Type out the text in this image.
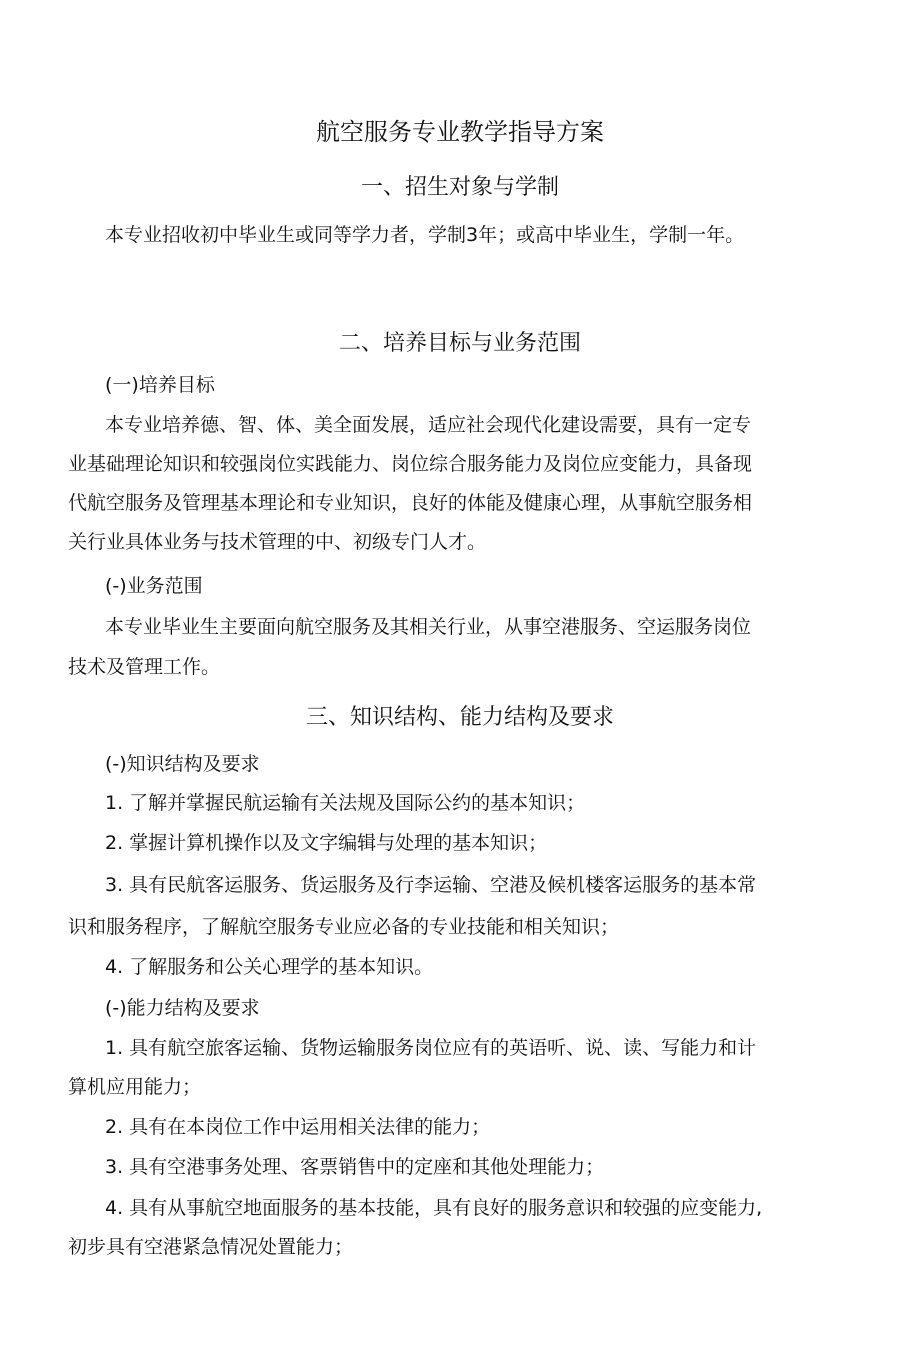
航空服务专业教学指导方案
一、招生对象与学制
本专业招收初中毕业生或同等学力者，学制3年；或高中毕业生，学制一年。
二、培养目标与业务范围
(一)培养目标
本专业培养德、智、体、美全面发展，适应社会现代化建设需要，具有一定专
业基础理论知识和较强岗位实践能力、岗位综合服务能力及岗位应变能力，具备现
代航空服务及管理基本理论和专业知识，良好的体能及健康心理，从事航空服务相
关行业具体业务与技术管理的中、初级专门人才。
(-)业务范围
本专业毕业生主要面向航空服务及其相关行业，从事空港服务、空运服务岗位
技术及管理工作。
三、知识结构、能力结构及要求
(-)知识结构及要求
1. 了解并掌握民航运输有关法规及国际公约的基本知识；
2. 掌握计算机操作以及文字编辑与处理的基本知识；
3. 具有民航客运服务、货运服务及行李运输、空港及候机楼客运服务的基本常
识和服务程序，了解航空服务专业应必备的专业技能和相关知识；
4. 了解服务和公关心理学的基本知识。
(-)能力结构及要求
1. 具有航空旅客运输、货物运输服务岗位应有的英语听、说、读、写能力和计
算机应用能力；
2. 具有在本岗位工作中运用相关法律的能力；
3. 具有空港事务处理、客票销售中的定座和其他处理能力；
4. 具有从事航空地面服务的基本技能，具有良好的服务意识和较强的应变能力,
初步具有空港紧急情况处置能力；
